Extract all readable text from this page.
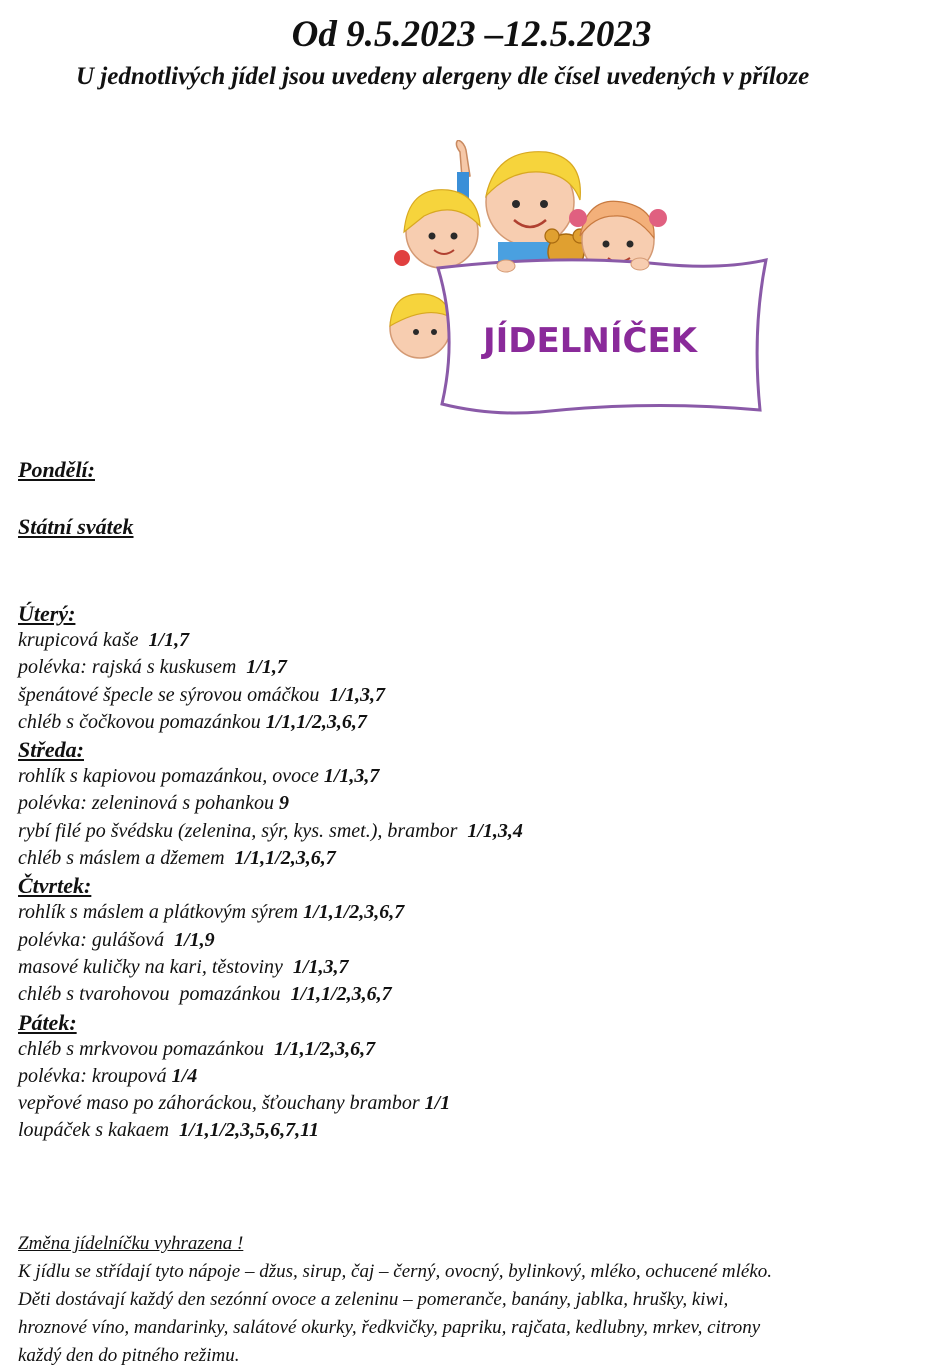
Od 9.5.2023 –12.5.2023
U jednotlivých jídel jsou uvedeny alergeny dle čísel uvedených v příloze
JÍDELNÍČEK
Pondělí:
Státní svátek
Úterý:
krupicová kaše  1/1,7
polévka: rajská s kuskusem  1/1,7
špenátové špecle se sýrovou omáčkou  1/1,3,7
chléb s čočkovou pomazánkou 1/1,1/2,3,6,7
Středa:
rohlík s kapiovou pomazánkou, ovoce 1/1,3,7
polévka: zeleninová s pohankou 9
rybí filé po švédsku (zelenina, sýr, kys. smet.), brambor  1/1,3,4
chléb s máslem a džemem  1/1,1/2,3,6,7
Čtvrtek:
rohlík s máslem a plátkovým sýrem 1/1,1/2,3,6,7
polévka: gulášová  1/1,9
masové kuličky na kari, těstoviny  1/1,3,7
chléb s tvarohovou  pomazánkou  1/1,1/2,3,6,7
Pátek:
chléb s mrkvovou pomazánkou  1/1,1/2,3,6,7
polévka: kroupová 1/4
vepřové maso po záhoráckou, šťouchany brambor 1/1
loupáček s kakaem  1/1,1/2,3,5,6,7,11
Změna jídelníčku vyhrazena !
K jídlu se střídají tyto nápoje – džus, sirup, čaj – černý, ovocný, bylinkový, mléko, ochucené mléko.
Děti dostávají každý den sezónní ovoce a zeleninu – pomeranče, banány, jablka, hrušky, kiwi,
hroznové víno, mandarinky, salátové okurky, ředkvičky, papriku, rajčata, kedlubny, mrkev, citrony
každý den do pitného režimu.
